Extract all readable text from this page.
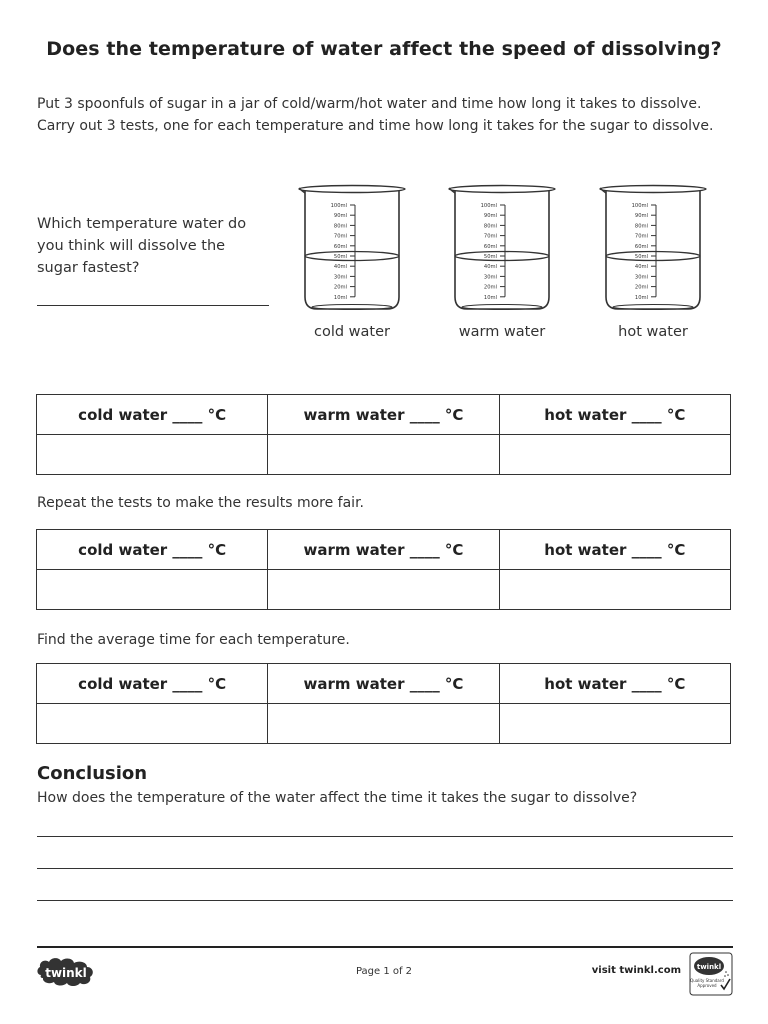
Does the temperature of water affect the speed of dissolving?
Put 3 spoonfuls of sugar in a jar of cold/warm/hot water and time how long it takes to dissolve.
Carry out 3 tests, one for each temperature and time how long it takes for the sugar to dissolve.
Which temperature water do
you think will dissolve the
sugar fastest?
100ml
90ml
80ml
70ml
60ml
50ml
40ml
30ml
20ml
10ml
cold water
100ml
90ml
80ml
70ml
60ml
50ml
40ml
30ml
20ml
10ml
warm water
100ml
90ml
80ml
70ml
60ml
50ml
40ml
30ml
20ml
10ml
hot water
cold water ____ °C	warm water ____ °C	hot water ____ °C

Repeat the tests to make the results more fair.
cold water ____ °C	warm water ____ °C	hot water ____ °C

Find the average time for each temperature.
cold water ____ °C	warm water ____ °C	hot water ____ °C

Conclusion
How does the temperature of the water affect the time it takes the sugar to dissolve?
twinkl	Page 1 of 2	visit twinkl.com twinkl
Quality Standard
Approved
